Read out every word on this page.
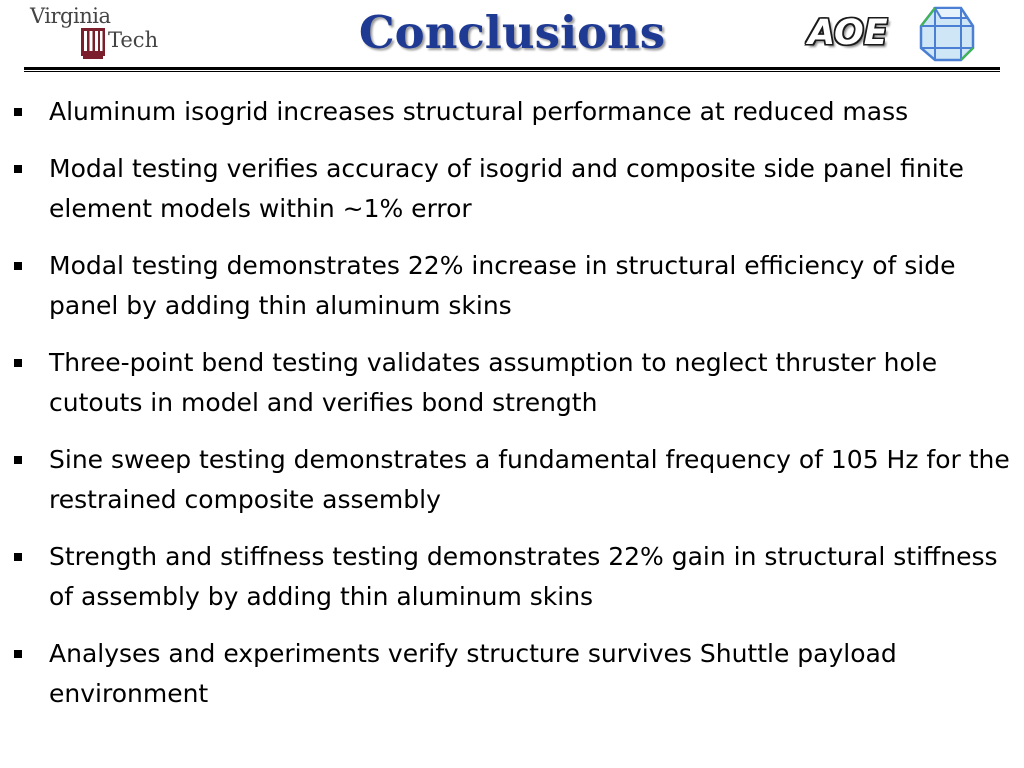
Virginia
Tech	Conclusions	AOE
Aluminum isogrid increases structural performance at reduced mass
Modal testing verifies accuracy of isogrid and composite side panel finite element models within ~1% error
Modal testing demonstrates 22% increase in structural efficiency of side panel by adding thin aluminum skins
Three-point bend testing validates assumption to neglect thruster hole cutouts in model and verifies bond strength
Sine sweep testing demonstrates a fundamental frequency of 105 Hz for the restrained composite assembly
Strength and stiffness testing demonstrates 22% gain in structural stiffness of assembly by adding thin aluminum skins
Analyses and experiments verify structure survives Shuttle payload environment
